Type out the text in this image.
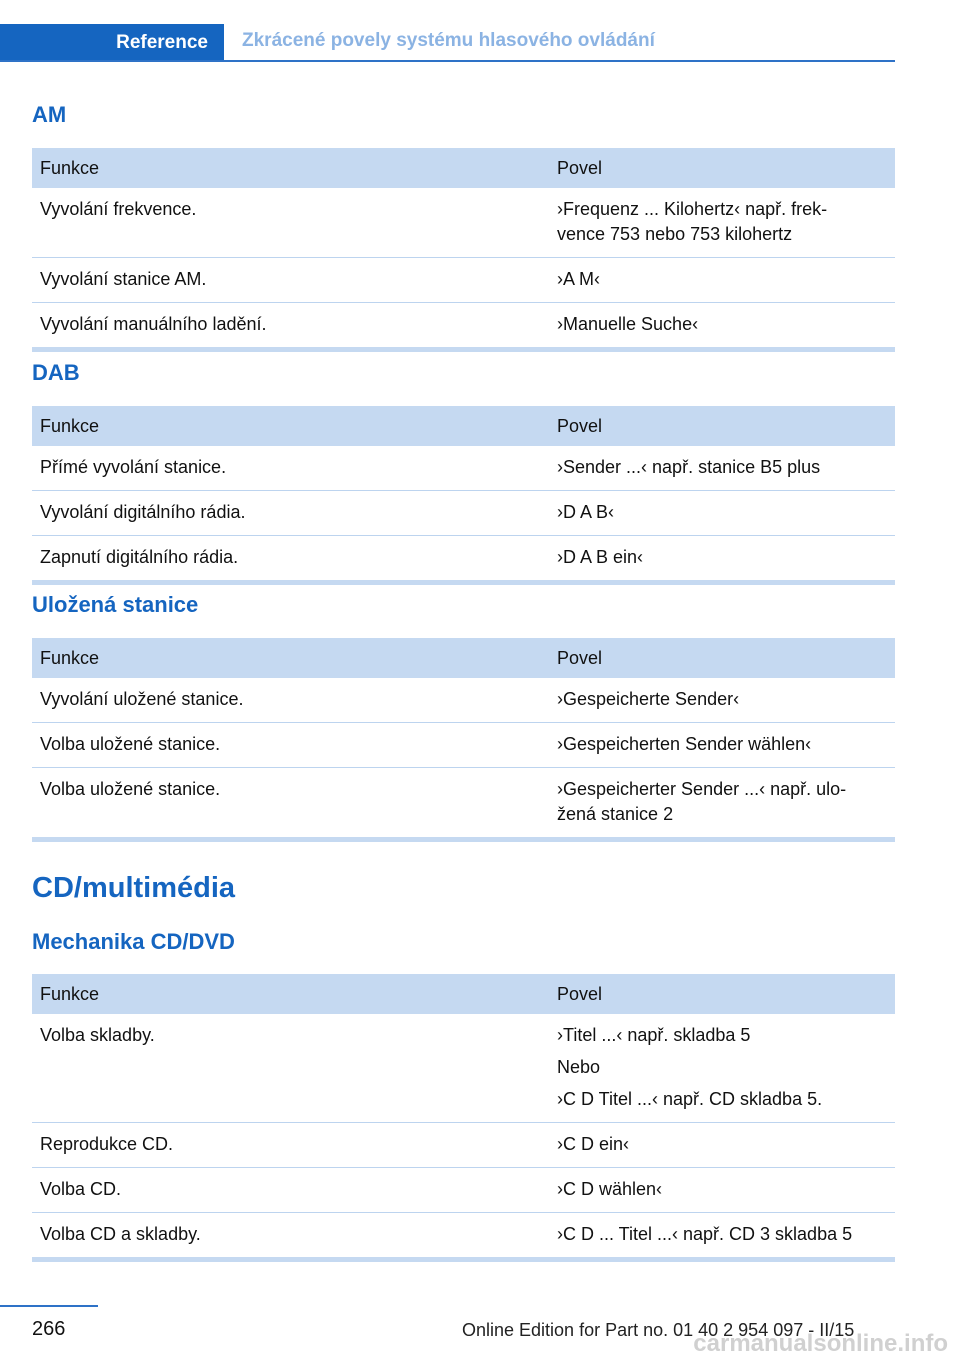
Reference Zkrácené povely systému hlasového ovládání
AM
Funkce	Povel
Vyvolání frekvence.	›Frequenz ... Kilohertz‹ např. frek-
vence 753 nebo 753 kilohertz
Vyvolání stanice AM.	›A M‹
Vyvolání manuálního ladění.	›Manuelle Suche‹
DAB
Funkce	Povel
Přímé vyvolání stanice.	›Sender ...‹ např. stanice B5 plus
Vyvolání digitálního rádia.	›D A B‹
Zapnutí digitálního rádia.	›D A B ein‹
Uložená stanice
Funkce	Povel
Vyvolání uložené stanice.	›Gespeicherte Sender‹
Volba uložené stanice.	›Gespeicherten Sender wählen‹
Volba uložené stanice.	›Gespeicherter Sender ...‹ např. ulo-
žená stanice 2
CD/multimédia
Mechanika CD/DVD
Funkce	Povel
Volba skladby.	›Titel ...‹ např. skladba 5

Nebo

›C D Titel ...‹ např. CD skladba 5.

Reprodukce CD.	›C D ein‹
Volba CD.	›C D wählen‹
Volba CD a skladby.	›C D ... Titel ...‹ např. CD 3 skladba 5
266	Online Edition for Part no. 01 40 2 954 097 - II/15
carmanualsonline.info
